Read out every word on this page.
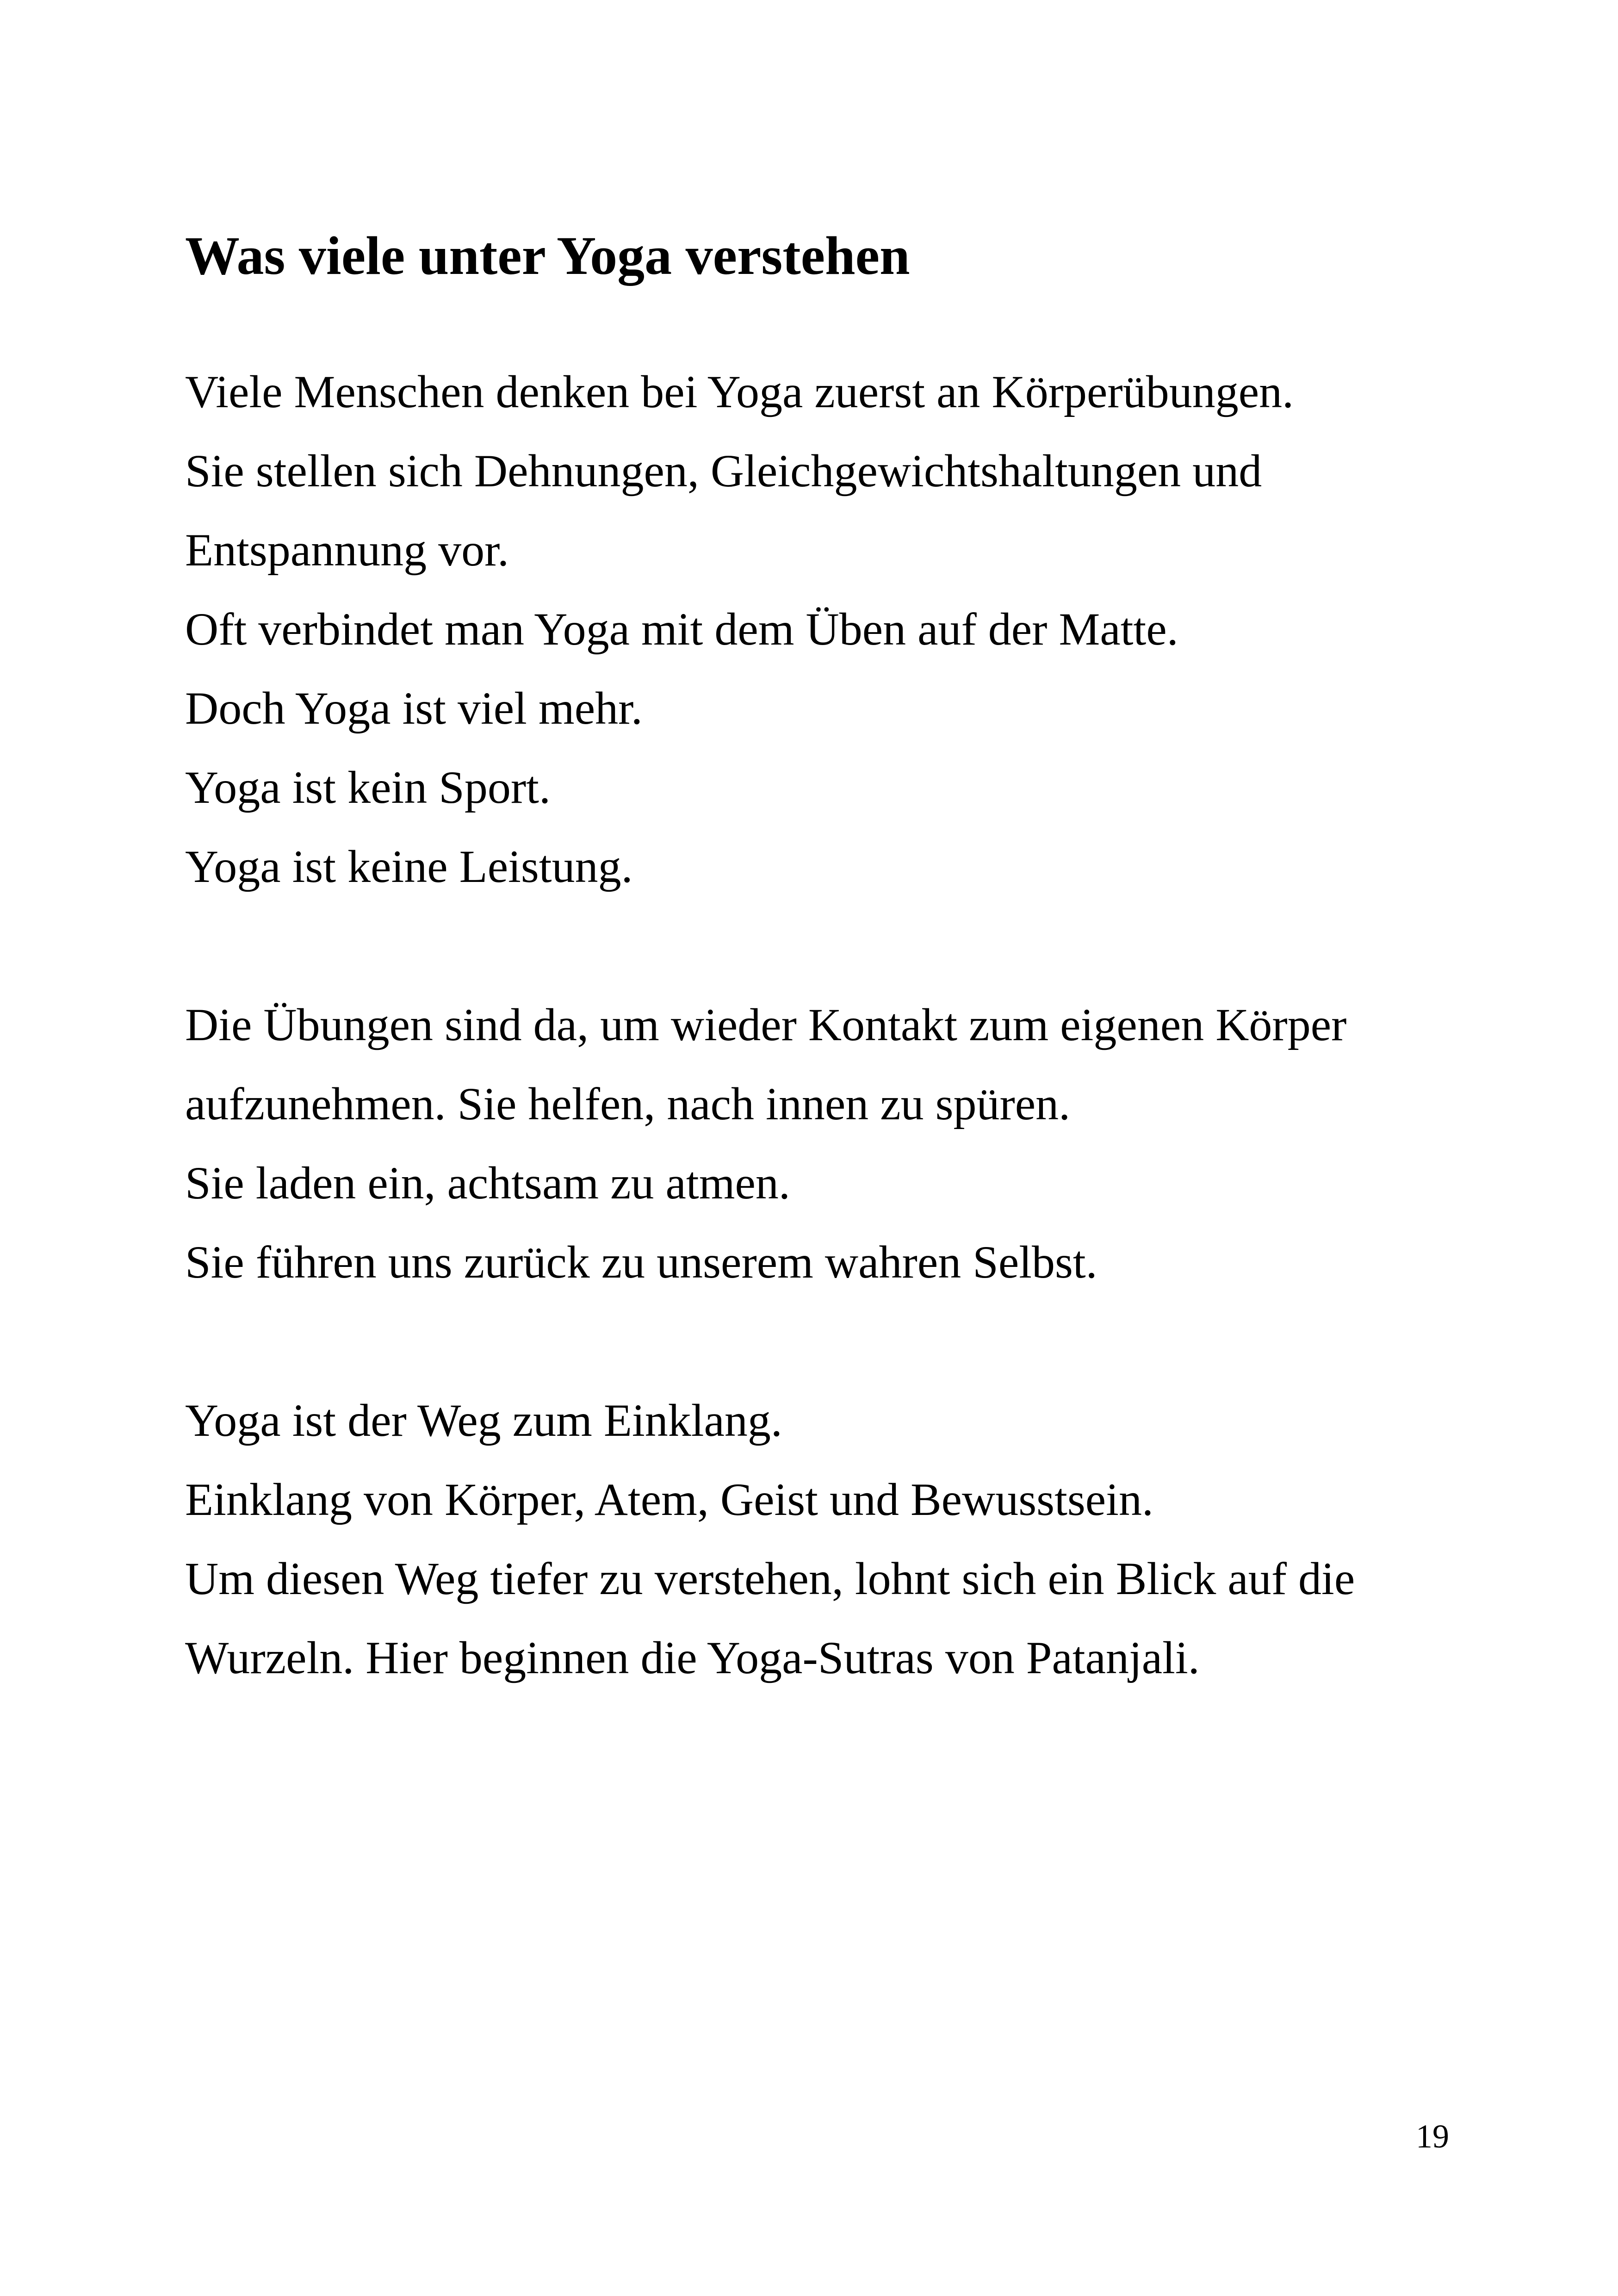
Was viele unter Yoga verstehen

Viele Menschen denken bei Yoga zuerst an Körperübungen.

Sie stellen sich Dehnungen, Gleichgewichtshaltungen und

Entspannung vor.

Oft verbindet man Yoga mit dem Üben auf der Matte.

Doch Yoga ist viel mehr.

Yoga ist kein Sport.

Yoga ist keine Leistung.

Die Übungen sind da, um wieder Kontakt zum eigenen Körper

aufzunehmen. Sie helfen, nach innen zu spüren.

Sie laden ein, achtsam zu atmen.

Sie führen uns zurück zu unserem wahren Selbst.

Yoga ist der Weg zum Einklang.

Einklang von Körper, Atem, Geist und Bewusstsein.

Um diesen Weg tiefer zu verstehen, lohnt sich ein Blick auf die

Wurzeln. Hier beginnen die Yoga-Sutras von Patanjali.

19
